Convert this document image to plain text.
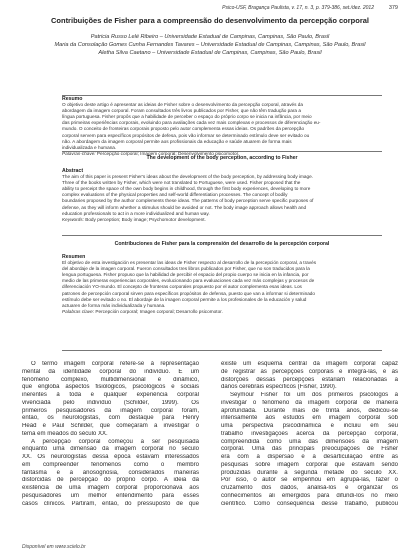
Psico-USF, Bragança Paulista, v. 17, n. 3, p. 379-386, set./dez. 2012	379
Contribuições de Fisher para a compreensão do desenvolvimento da percepção corporal
Patricia Russo Lelé Ribeiro – Universidade Estadual de Campinas, Campinas, São Paulo, Brasil
Maria da Consolação Gomes Cunha Fernandes Tavares – Universidade Estadual de Campinas, Campinas, São Paulo, Brasil
Aletha Silva Caetano – Universidade Estadual de Campinas, Campinas, São Paulo, Brasil
Resumo
O objetivo deste artigo é apresentar as ideias de Fisher sobre o desenvolvimento da percepção corporal, através da
abordagem da imagem corporal. Foram consultados três livros publicados por Fisher, que não têm tradução para a
língua portuguesa. Fisher propôs que a habilidade de perceber o espaço do próprio corpo se inicia na infância, por meio
das primeiras experiências corporais, evoluindo para avaliações cada vez mais complexas e processos de diferenciação eu-
mundo. O conceito de fronteiras corporais proposto pelo autor complementa essas ideias. Os padrões da percepção
corporal servem para específicos propósitos de defesa, pois vão informar se determinado estímulo deve ser evitado ou
não. A abordagem da imagem corporal permite aos profissionais da educação e saúde atuarem de forma mais
individualizada e humana.
Palavras-chave: Percepção corporal; Imagem corporal; Desenvolvimento psicomotor.
The development of the body perception, according to Fisher
Abstract
The aim of this paper is present Fisher's ideas about the development of the body perception, by addressing body image.
Three of the books written by Fisher, which were not translated to Portuguese, were used. Fisher proposed that the
ability to perceipt the space of the own body begins in childhood, through the first body experiences, developing to more
complex evaluations of the physical properties and self-world differentiation processes. The concept of bodily
boundaries proposed by the author complements these ideas. The patterns of body perception serve specific purposes of
defense, as they will inform whether a stimulus should be avoided or not. The body image approach allows health and
education professionals to act in a more individualized and human way.
Keywords: Body perception; Body image; Psychomotor development.
Contribuciones de Fisher para la comprensión del desarrollo de la percepción corporal
Resumen
El objetivo de esta investigación es presentar las ideas de Fisher respecto al desarrollo de la percepción corporal, a través
del abordaje de la imagen corporal. Fueron consultados tres libros publicados por Fisher, que no son traducidos para la
lengua portuguesa. Fisher propuso que la habilidad de percibir el espacio del propio cuerpo se inicia en la infancia, por
medio de las primeras experiencias corporales, evolucionando para evaluaciones cada vez más complejas y procesos de
diferenciación YO-mundo. El concepto de fronteras corporales propuesto por el autor complementa esas ideas. Los
patrones de percepción corporal sirven para específicos propósitos de defensa, puesto que van a informar si determinado
estímulo debe ser evitado o no. El abordaje de la imagen corporal permite a los profesionales de la educación y salud
actuaren de forma más individualizada y humana.
Palabras clave: Percepción corporal; Imagen corporal; Desarrollo psicomotor.
O termo imagem corporal refere-se à representação
mental da identidade corporal do indivíduo. É um
fenômeno complexo, multidimensional e dinâmico,
que engloba aspectos fisiológicos, psicológicos e sociais
inerentes à toda e qualquer experiência corporal
vivenciada pelo indivíduo (Schilder, 1999). Os
primeiros pesquisadores da imagem corporal foram,
então, os neurologistas, com destaque para Henry
Head e Paul Schilder, que começaram a investigar o
tema em meados do século XX.
A percepção corporal começou a ser pesquisada
enquanto uma dimensão da imagem corporal no século
XX. Os neurologistas dessa época estavam interessados
em compreender fenômenos como o membro
fantasma e a anosognosia, considerados maneiras
distorcidas de percepção do próprio corpo. A ideia da
existência de uma imagem corporal proporcionava aos
pesquisadores um melhor entendimento para esses
casos clínicos. Partiram, então, do pressuposto de que
existe um esquema central da imagem corporal capaz
de registrar as percepções corporais e integrá-las, e as
distorções dessas percepções estariam relacionadas a
danos cerebrais específicos (Fisher, 1990).
Seymour Fisher foi um dos primeiros psicólogos a
investigar o fenômeno da imagem corporal de maneira
aprofundada. Durante mais de trinta anos, dedicou-se
intensamente aos estudos em imagem corporal sob
uma perspectiva psicodinâmica e incluiu em seu
trabalho investigações acerca da percepção corporal,
compreendida como uma das dimensões da imagem
corporal. Uma das principais preocupações de Fisher
era com a dispersão e a desarticulação entre as
pesquisas sobre imagem corporal que estavam sendo
produzidas durante a segunda metade do século XX.
Por isso, o autor se empenhou em agrupá-las, fazer o
cruzamento dos dados, analisá-los e organizar os
conhecimentos ali emergidos para difundi-los no meio
científico. Como consequência desse trabalho, publicou
Disponível em www.scielo.br
